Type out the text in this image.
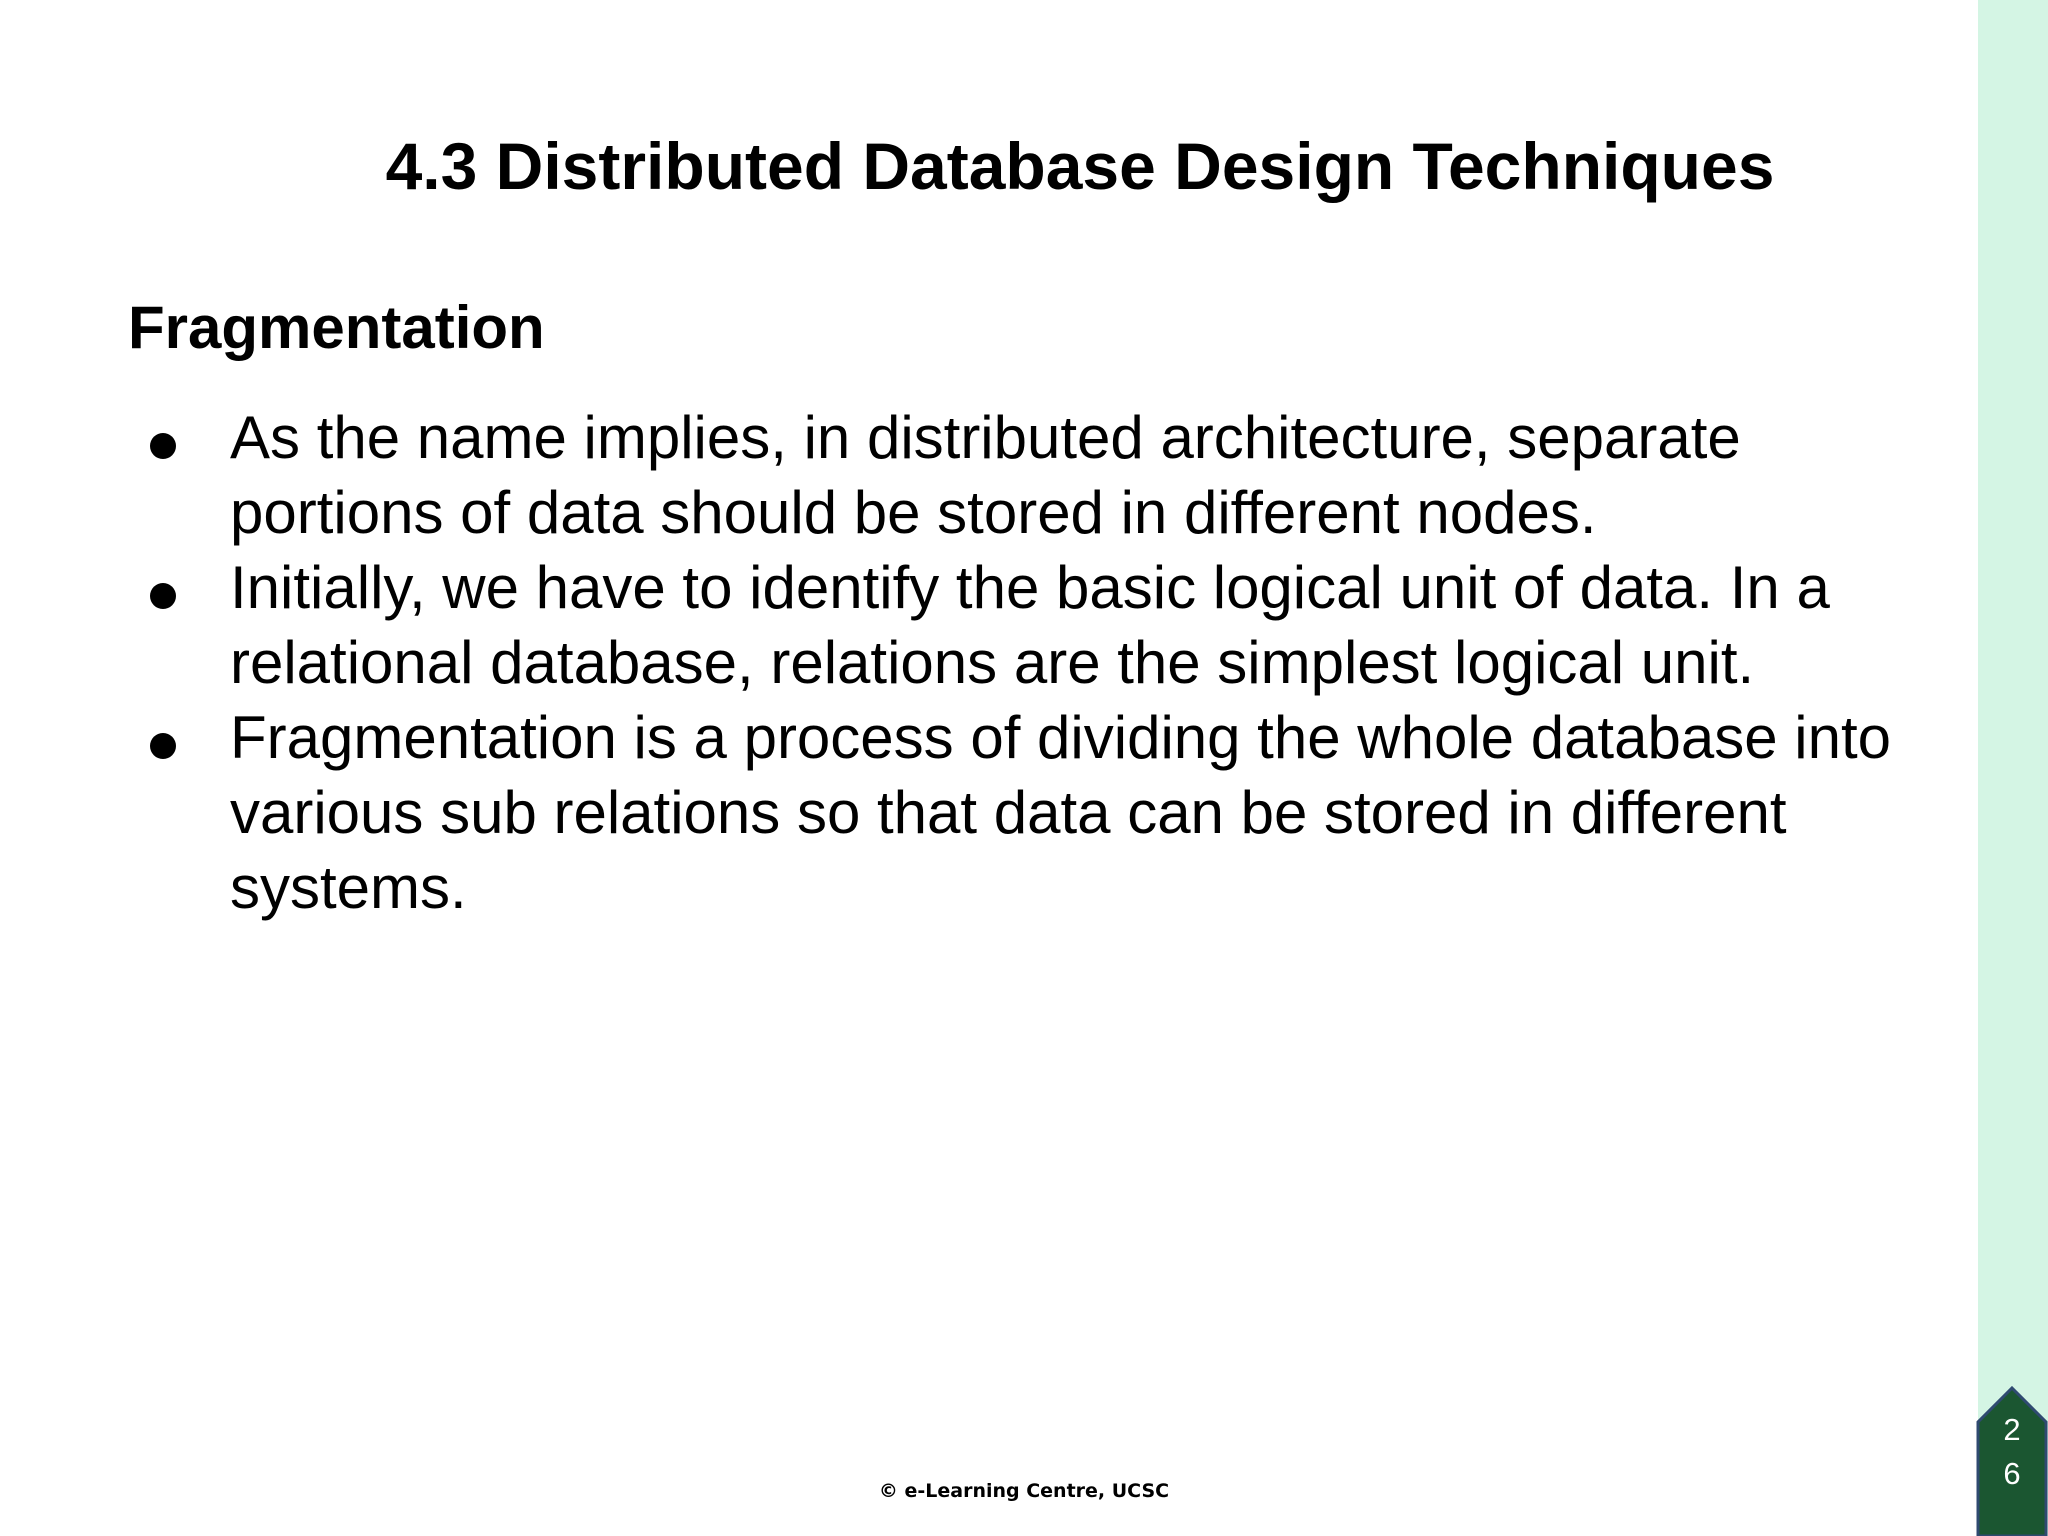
4.3 Distributed Database Design Techniques
Fragmentation
As the name implies, in distributed architecture, separate portions of data should be stored in different nodes.
Initially, we have to identify the basic logical unit of data. In a relational database, relations are the simplest logical unit.
Fragmentation is a process of dividing the whole database into various sub relations so that data can be stored in different systems.
© e-Learning Centre, UCSC
26
